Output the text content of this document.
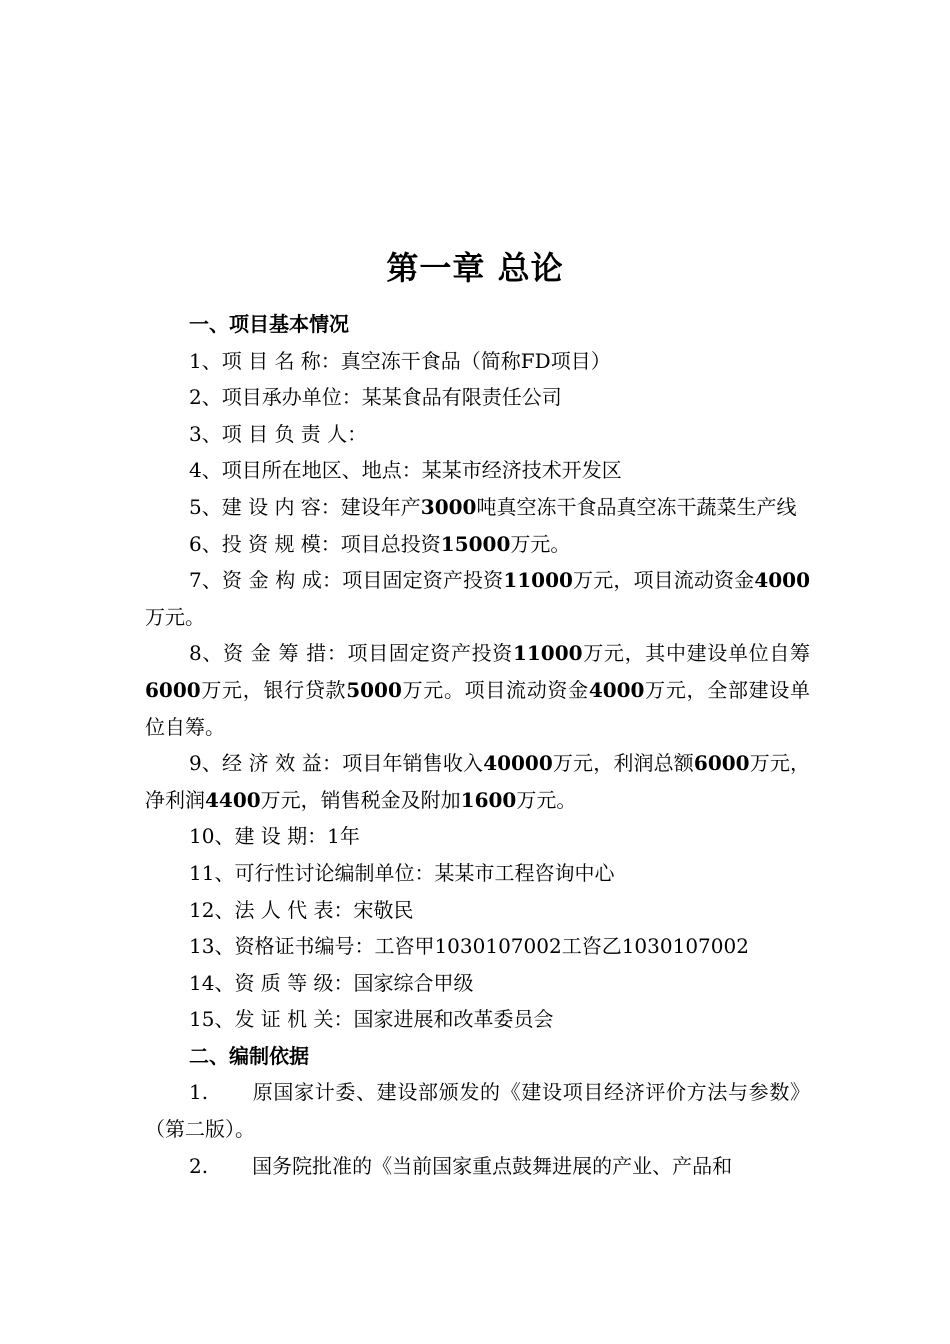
第一章 总论

一、项目基本情况

1、项 目 名 称：真空冻干食品（简称FD项目）

2、项目承办单位：某某食品有限责任公司

3、项 目 负 责 人：

4、项目所在地区、地点：某某市经济技术开发区

5、建 设 内 容：建设年产3000吨真空冻干食品真空冻干蔬菜生产线

6、投 资 规 模：项目总投资15000万元。

7、资 金 构 成：项目固定资产投资11000万元，项目流动资金4000万元。

8、资 金 筹 措：项目固定资产投资11000万元，其中建设单位自筹6000万元，银行贷款5000万元。项目流动资金4000万元，全部建设单位自筹。

9、经 济 效 益：项目年销售收入40000万元，利润总额6000万元，净利润4400万元，销售税金及附加1600万元。

10、建 设 期：1年

11、可行性讨论编制单位：某某市工程咨询中心

12、法 人 代 表：宋敬民

13、资格证书编号：工咨甲1030107002工咨乙1030107002

14、资 质 等 级：国家综合甲级

15、发 证 机 关：国家进展和改革委员会

二、编制依据

1. 原国家计委、建设部颁发的《建设项目经济评价方法与参数》（第二版）。

2. 国务院批准的《当前国家重点鼓舞进展的产业、产品和
